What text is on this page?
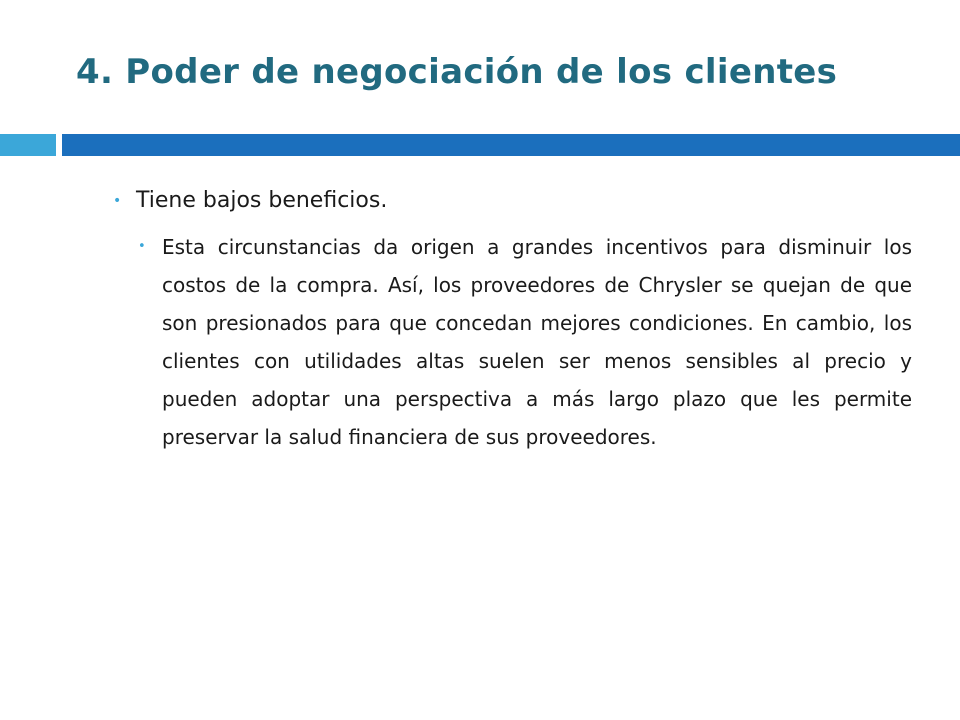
4. Poder de negociación de los clientes
• Tiene bajos beneficios.
• Esta circunstancias da origen a grandes incentivos para disminuir los costos de la compra. Así, los proveedores de Chrysler se quejan de que son presionados para que concedan mejores condiciones. En cambio, los clientes con utilidades altas suelen ser menos sensibles al precio y pueden adoptar una perspectiva a más largo plazo que les permite preservar la salud financiera de sus proveedores.
